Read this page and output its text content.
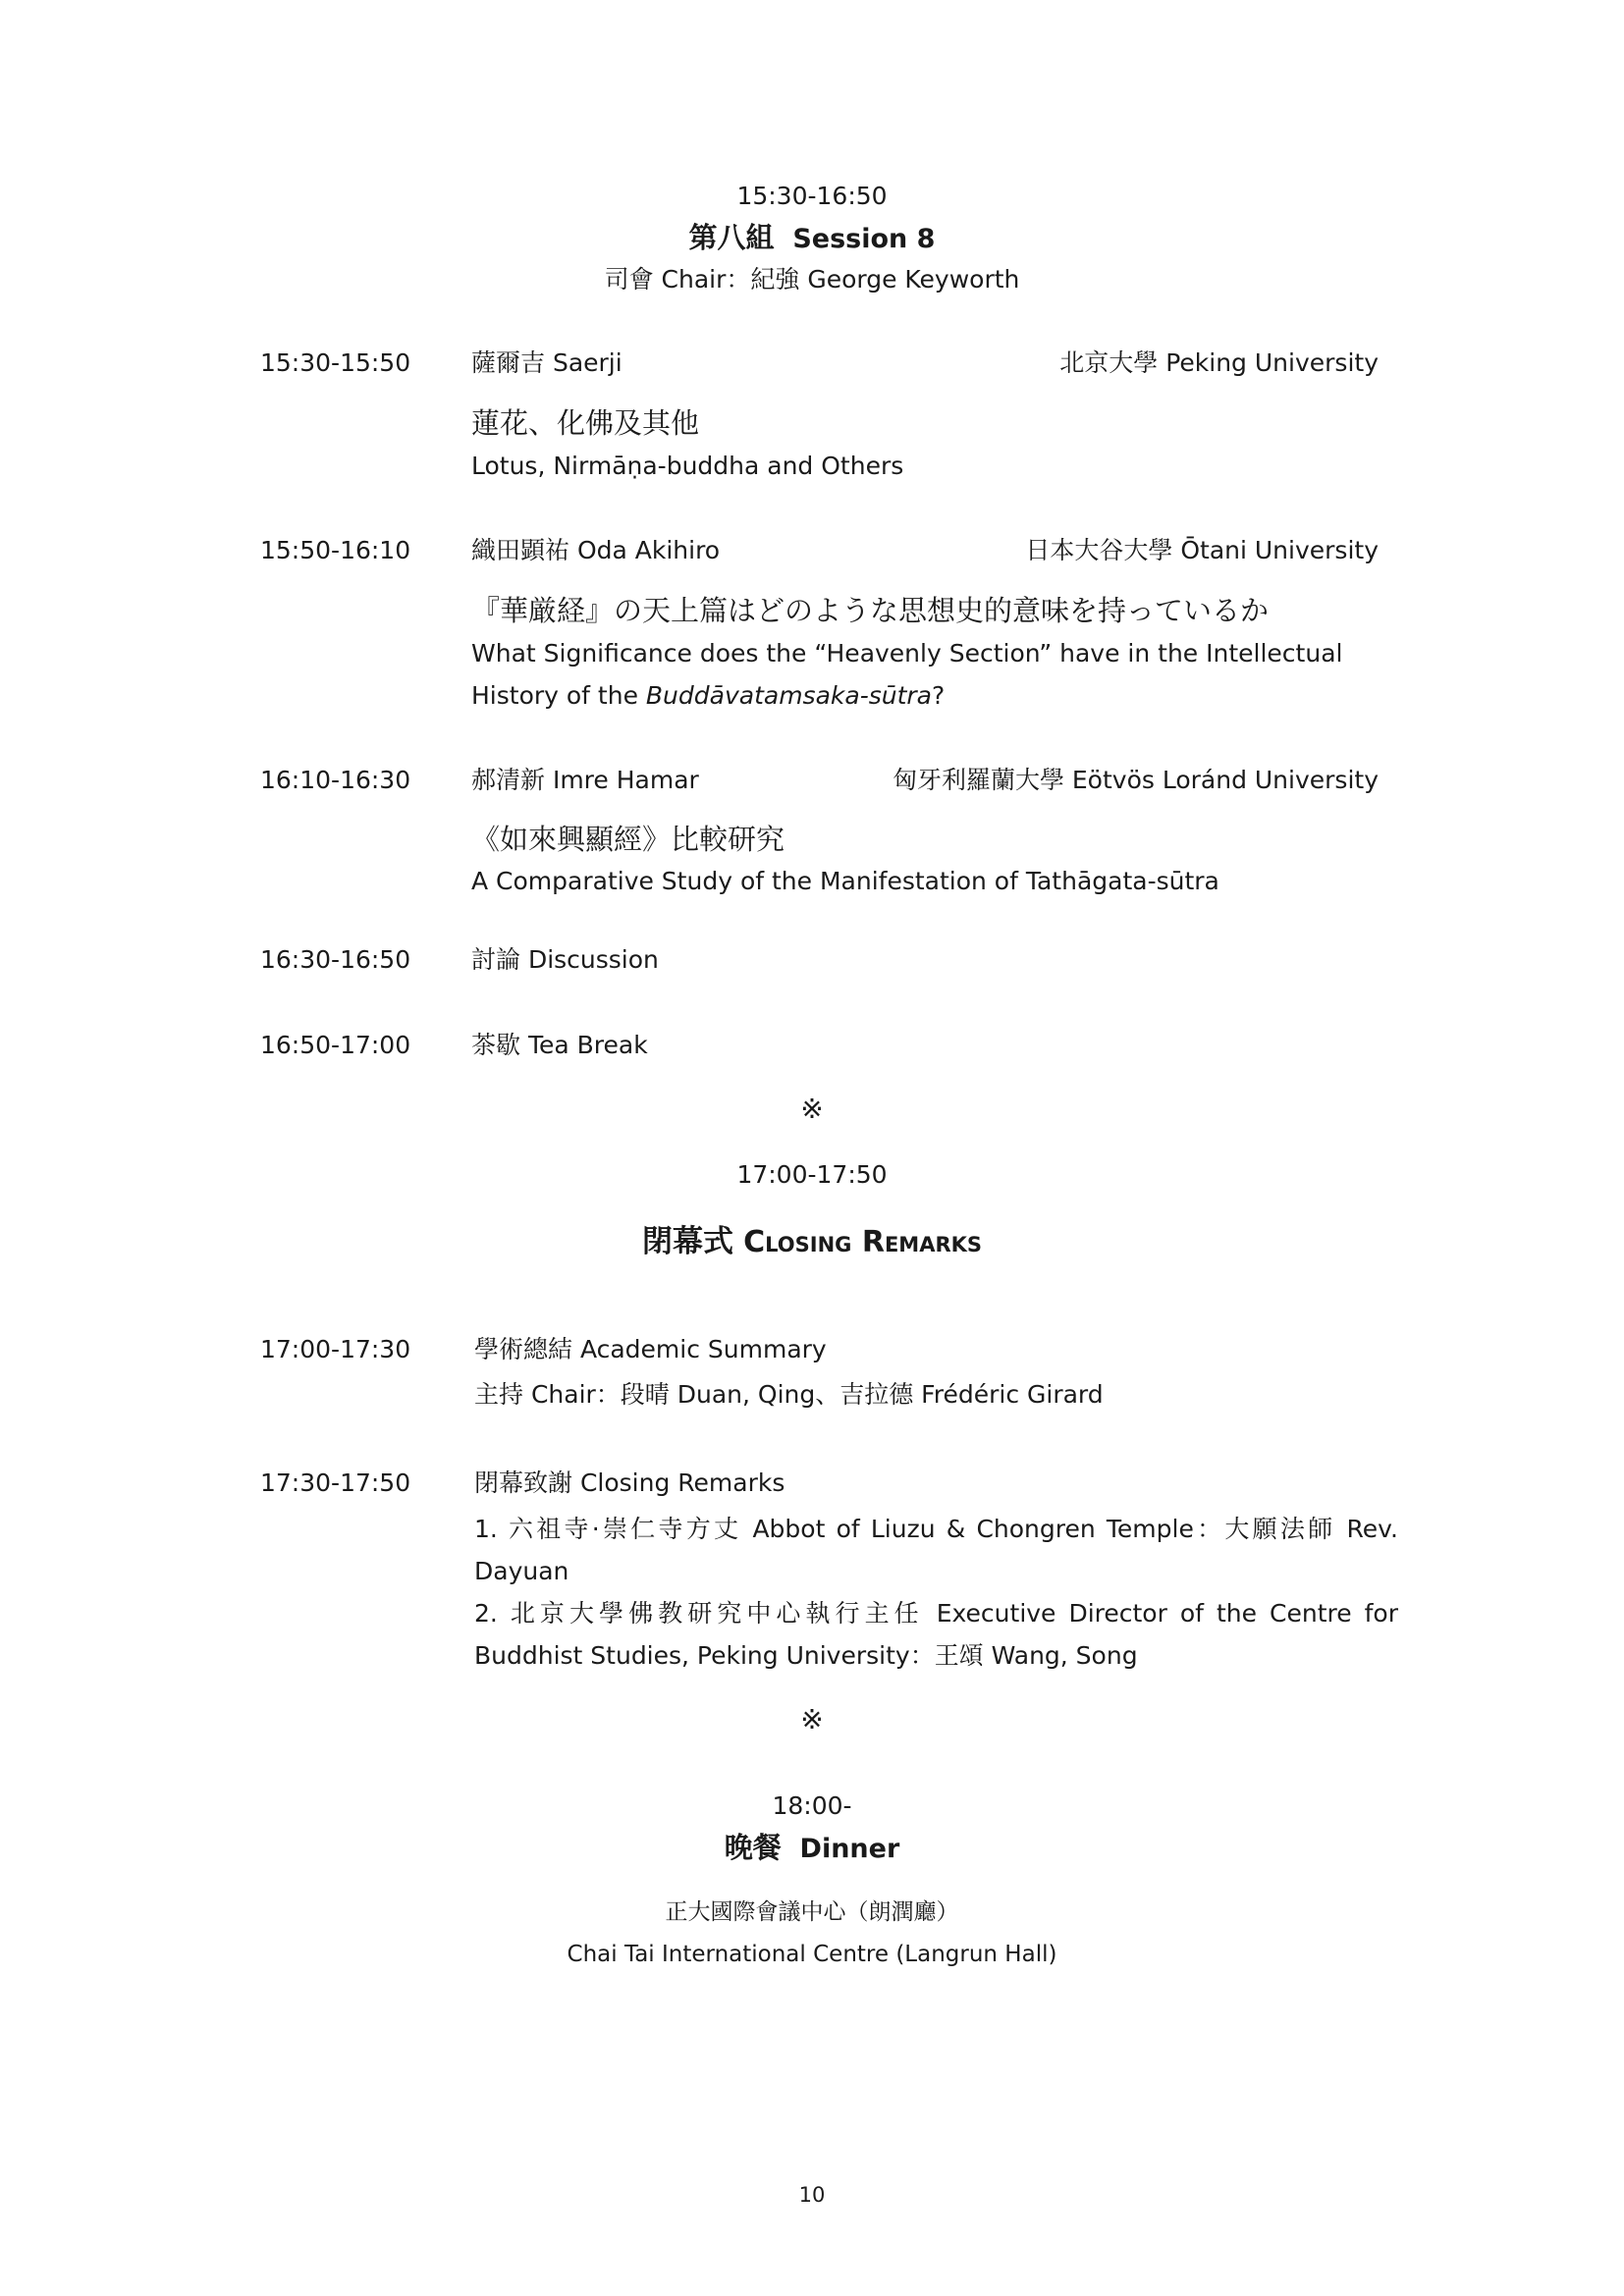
15:30-16:50
第八組 Session 8
司會 Chair：紀強 George Keyworth
15:30-15:50 薩爾吉 Saerji	北京大學 Peking University
蓮花、化佛及其他
Lotus, Nirmāṇa-buddha and Others
15:50-16:10 織田顕祐 Oda Akihiro	日本大谷大學 Ōtani University
『華厳経』の天上篇はどのような思想史的意味を持っているか
What Significance does the “Heavenly Section” have in the Intellectual
History of the Buddāvatamsaka-sūtra?
16:10-16:30 郝清新 Imre Hamar	匈牙利羅蘭大學 Eötvös Loránd University
《如來興顯經》比較研究
A Comparative Study of the Manifestation of Tathāgata-sūtra
16:30-16:50 討論 Discussion
16:50-17:00 茶歇 Tea Break
※
17:00-17:50
閉幕式 Closing Remarks
17:00-17:30	學術總結 Academic Summary
主持 Chair：段晴 Duan, Qing、吉拉德 Frédéric Girard
17:30-17:50	閉幕致謝 Closing Remarks
1. 六祖寺·崇仁寺方丈 Abbot of Liuzu & Chongren Temple：大願法師 Rev.
Dayuan
2. 北京大學佛教研究中心執行主任 Executive Director of the Centre for
Buddhist Studies, Peking University：王頌 Wang, Song
※
18:00-
晚餐 Dinner
正大國際會議中心（朗潤廳）
Chai Tai International Centre (Langrun Hall)
10
